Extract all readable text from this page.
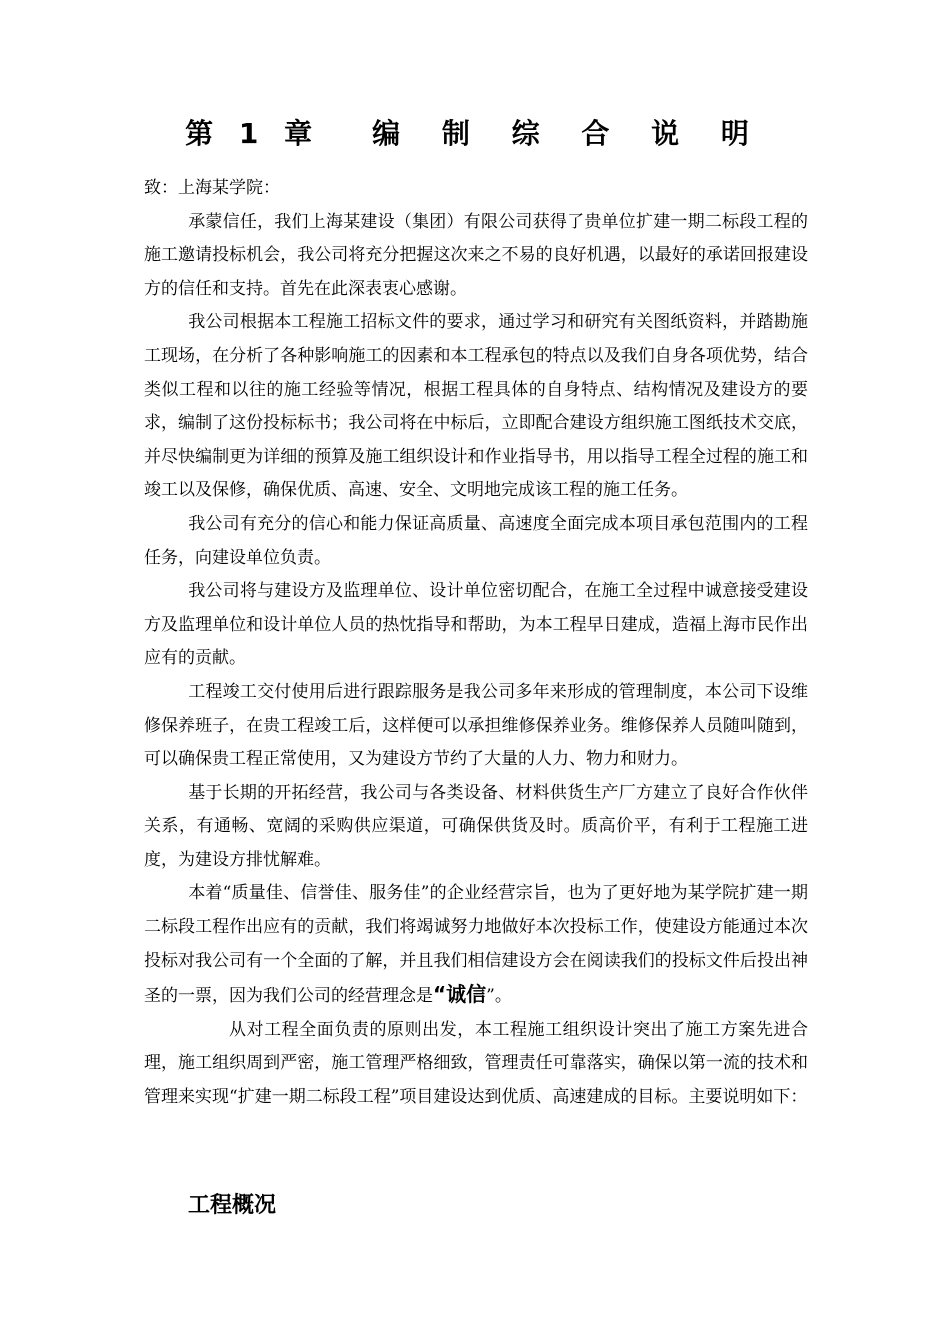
第 1 章 编 制 综 合 说 明

致：上海某学院：

承蒙信任，我们上海某建设（集团）有限公司获得了贵单位扩建一期二标段工程的施工邀请投标机会，我公司将充分把握这次来之不易的良好机遇，以最好的承诺回报建设方的信任和支持。首先在此深表衷心感谢。

我公司根据本工程施工招标文件的要求，通过学习和研究有关图纸资料，并踏勘施工现场，在分析了各种影响施工的因素和本工程承包的特点以及我们自身各项优势，结合类似工程和以往的施工经验等情况，根据工程具体的自身特点、结构情况及建设方的要求，编制了这份投标标书；我公司将在中标后，立即配合建设方组织施工图纸技术交底，并尽快编制更为详细的预算及施工组织设计和作业指导书，用以指导工程全过程的施工和竣工以及保修，确保优质、高速、安全、文明地完成该工程的施工任务。

我公司有充分的信心和能力保证高质量、高速度全面完成本项目承包范围内的工程任务，向建设单位负责。

我公司将与建设方及监理单位、设计单位密切配合，在施工全过程中诚意接受建设方及监理单位和设计单位人员的热忱指导和帮助，为本工程早日建成，造福上海市民作出应有的贡献。

工程竣工交付使用后进行跟踪服务是我公司多年来形成的管理制度，本公司下设维修保养班子，在贵工程竣工后，这样便可以承担维修保养业务。维修保养人员随叫随到，可以确保贵工程正常使用，又为建设方节约了大量的人力、物力和财力。

基于长期的开拓经营，我公司与各类设备、材料供货生产厂方建立了良好合作伙伴关系，有通畅、宽阔的采购供应渠道，可确保供货及时。质高价平，有利于工程施工进度，为建设方排忧解难。

本着“质量佳、信誉佳、服务佳”的企业经营宗旨，也为了更好地为某学院扩建一期二标段工程作出应有的贡献，我们将竭诚努力地做好本次投标工作，使建设方能通过本次投标对我公司有一个全面的了解，并且我们相信建设方会在阅读我们的投标文件后投出神圣的一票，因为我们公司的经营理念是“诚信”。

从对工程全面负责的原则出发，本工程施工组织设计突出了施工方案先进合理，施工组织周到严密，施工管理严格细致，管理责任可靠落实，确保以第一流的技术和管理来实现“扩建一期二标段工程”项目建设达到优质、高速建成的目标。主要说明如下：

工程概况
